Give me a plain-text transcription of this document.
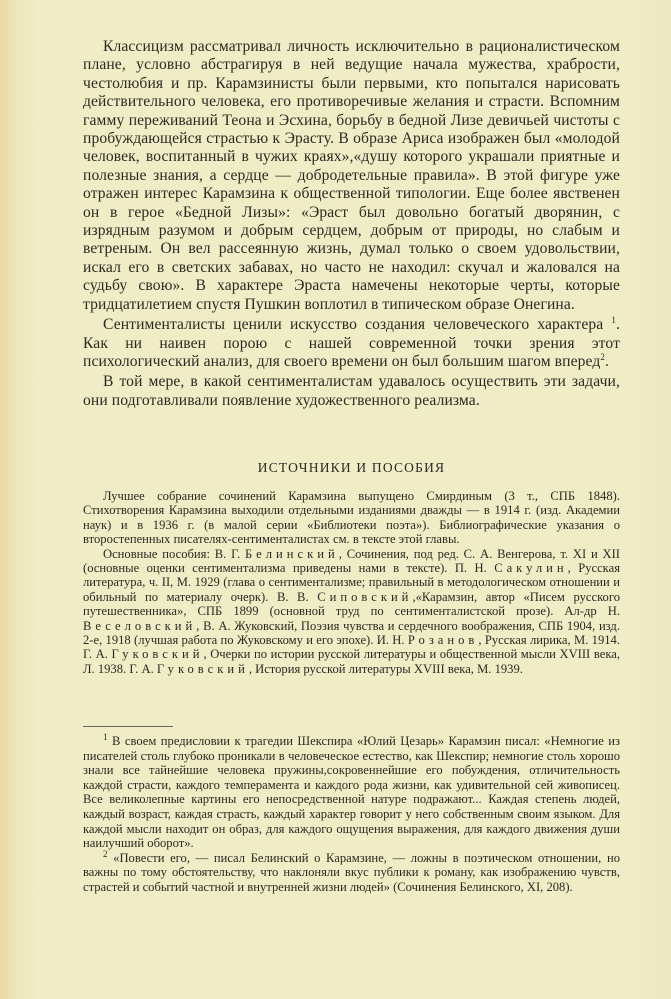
Классицизм рассматривал личность исключительно в рационалистическом плане, условно абстрагируя в ней ведущие начала мужества, храбрости, честолюбия и пр. Карамзинисты были первыми, кто попытался нарисовать действительного человека, его противоречивые желания и страсти. Вспомним гамму переживаний Теона и Эсхина, борьбу в бедной Лизе девичьей чистоты с пробуждающейся страстью к Эрасту. В образе Ариса изображен был «молодой человек, воспитанный в чужих краях»,«душу которого украшали приятные и полезные знания, а сердце — добродетельные правила». В этой фигуре уже отражен интерес Карамзина к общественной типологии. Еще более явственен он в герое «Бедной Лизы»: «Эраст был довольно богатый дворянин, с изрядным разумом и добрым сердцем, добрым от природы, но слабым и ветреным. Он вел рассеянную жизнь, думал только о своем удовольствии, искал его в светских забавах, но часто не находил: скучал и жаловался на судьбу свою». В характере Эраста намечены некоторые черты, которые тридцатилетием спустя Пушкин воплотил в типическом образе Онегина.

Сентименталисты ценили искусство создания человеческого характера $^1$. Как ни наивен порою с нашей современной точки зрения этот психологический анализ, для своего времени он был большим шагом вперед$^2$.

В той мере, в какой сентименталистам удавалось осуществить эти задачи, они подготавливали появление художественного реализма.

ИСТОЧНИКИ И ПОСОБИЯ

Лучшее собрание сочинений Карамзина выпущено Смирдиным (3 т., СПБ 1848). Стихотворения Карамзина выходили отдельными изданиями дважды — в 1914 г. (изд. Академии наук) и в 1936 г. (в малой серии «Библиотеки поэта»). Библиографические указания о второстепенных писателях-сентименталистах см. в тексте этой главы.

Основные пособия: В. Г. Белинский, Сочинения, под ред. С. А. Венгерова, т. XI и XII (основные оценки сентиментализма приведены нами в тексте). П. Н. Сакулин, Русская литература, ч. II, М. 1929 (глава о сентиментализме; правильный в методологическом отношении и обильный по материалу очерк). В. В. Сиповский,«Карамзин, автор «Писем русского путешественника», СПБ 1899 (основной труд по сентименталистской прозе). Ал-др Н. Веселовский, В. А. Жуковский, Поэзия чувства и сердечного воображения, СПБ 1904, изд. 2-е, 1918 (лучшая работа по Жуковскому и его эпохе). И. Н. Розанов, Русская лирика, М. 1914. Г. А. Гуковский, Очерки по истории русской литературы и общественной мысли XVIII века, Л. 1938. Г. А. Гуковский, История русской литературы XVIII века, М. 1939.

$^1$ В своем предисловии к трагедии Шекспира «Юлий Цезарь» Карамзин писал: «Немногие из писателей столь глубоко проникали в человеческое естество, как Шекспир; немногие столь хорошо знали все тайнейшие человека пружины,сокровеннейшие его побуждения, отличительность каждой страсти, каждого темперамента и каждого рода жизни, как удивительной сей живописец. Все великолепные картины его непосредственной натуре подражают... Каждая степень людей, каждый возраст, каждая страсть, каждый характер говорит у него собственным своим языком. Для каждой мысли находит он образ, для каждого ощущения выражения, для каждого движения души наилучший оборот».

$^2$ «Повести его, — писал Белинский о Карамзине, — ложны в поэтическом отношении, но важны по тому обстоятельству, что наклоняли вкус публики к роману, как изображению чувств, страстей и событий частной и внутренней жизни людей» (Сочинения Белинского, XI, 208).
